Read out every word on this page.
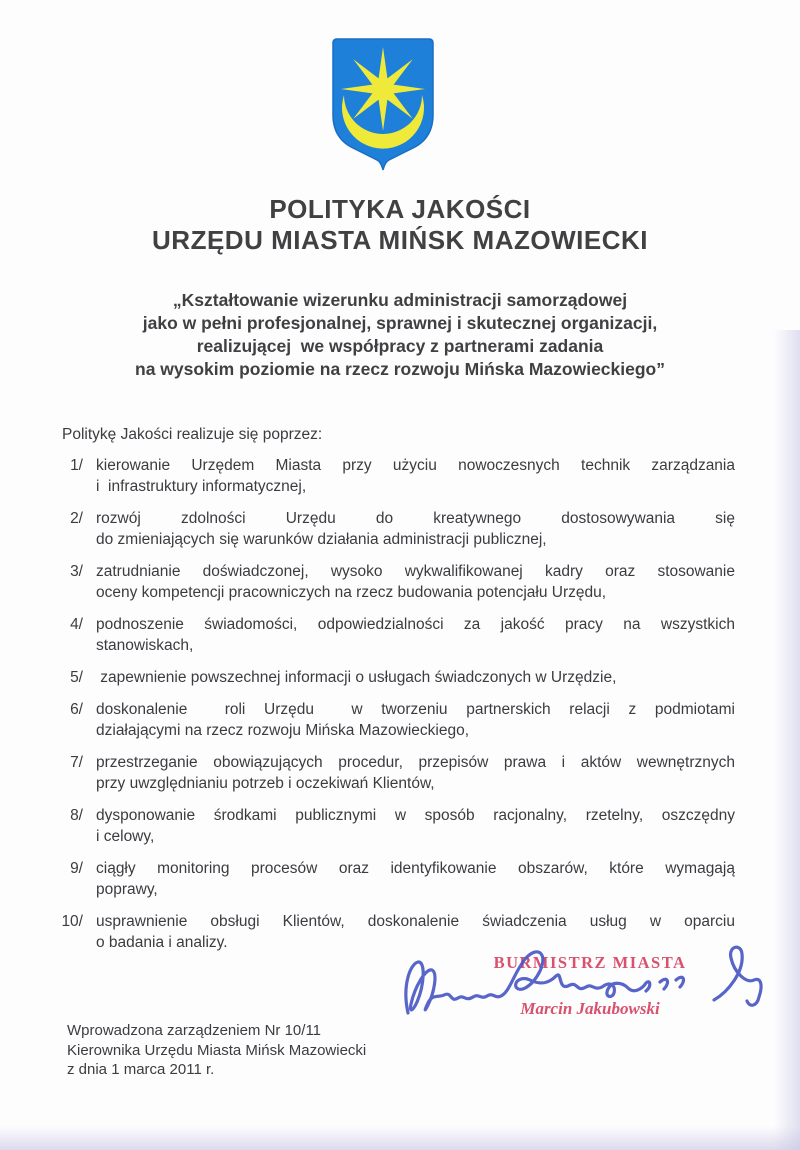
POLITYKA JAKOŚCI
URZĘDU MIASTA MIŃSK MAZOWIECKI
„Kształtowanie wizerunku administracji samorządowej
jako w pełni profesjonalnej, sprawnej i skutecznej organizacji,
realizującej  we współpracy z partnerami zadania
na wysokim poziomie na rzecz rozwoju Mińska Mazowieckiego”

Politykę Jakości realizuje się poprzez:

1/ kierowanie Urzędem Miasta przy użyciu nowoczesnych technik zarządzania
i  infrastruktury informatycznej,
2/ rozwój zdolności Urzędu do kreatywnego dostosowywania się
do zmieniających się warunków działania administracji publicznej,
3/ zatrudnianie doświadczonej, wysoko wykwalifikowanej kadry oraz stosowanie
oceny kompetencji pracowniczych na rzecz budowania potencjału Urzędu,
4/ podnoszenie świadomości, odpowiedzialności za jakość pracy na wszystkich
stanowiskach,
5/ zapewnienie powszechnej informacji o usługach świadczonych w Urzędzie,
6/ doskonalenie  roli Urzędu  w tworzeniu partnerskich relacji z podmiotami
działającymi na rzecz rozwoju Mińska Mazowieckiego,
7/ przestrzeganie obowiązujących procedur, przepisów prawa i aktów wewnętrznych
przy uwzględnianiu potrzeb i oczekiwań Klientów,
8/ dysponowanie środkami publicznymi w sposób racjonalny, rzetelny, oszczędny
i celowy,
9/ ciągły monitoring procesów oraz identyfikowanie obszarów, które wymagają
poprawy,
10/ usprawnienie obsługi Klientów, doskonalenie świadczenia usług w oparciu
o badania i analizy.
BURMISTRZ MIASTA
Marcin Jakubowski
Wprowadzona zarządzeniem Nr 10/11
Kierownika Urzędu Miasta Mińsk Mazowiecki
z dnia 1 marca 2011 r.
